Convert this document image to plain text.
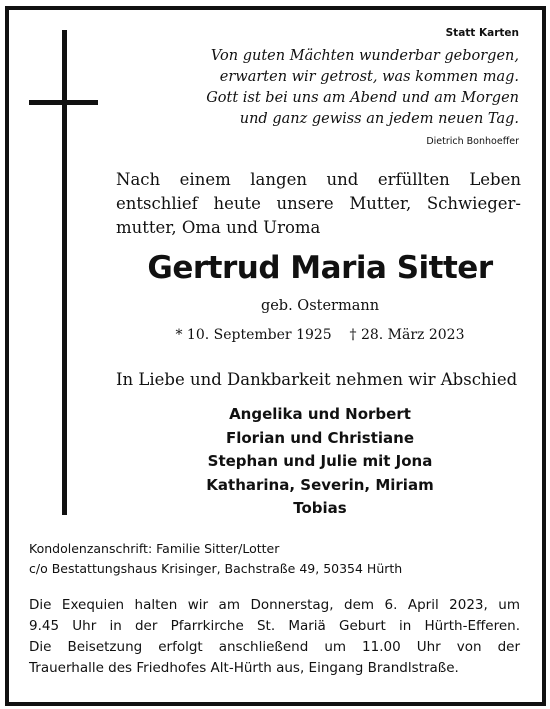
Statt Karten
Von guten Mächten wunderbar geborgen,
erwarten wir getrost, was kommen mag.
Gott ist bei uns am Abend und am Morgen
und ganz gewiss an jedem neuen Tag.
Dietrich Bonhoeffer
Nach einem langen und erfüllten Leben
entschlief heute unsere Mutter, Schwieger-
mutter, Oma und Uroma
Gertrud Maria Sitter
geb. Ostermann
* 10. September 1925    † 28. März 2023
In Liebe und Dankbarkeit nehmen wir Abschied
Angelika und Norbert
Florian und Christiane
Stephan und Julie mit Jona
Katharina, Severin, Miriam
Tobias
Kondolenzanschrift: Familie Sitter/Lotter
c/o Bestattungshaus Krisinger, Bachstraße 49, 50354 Hürth
Die Exequien halten wir am Donnerstag, dem 6. April 2023, um
9.45 Uhr in der Pfarrkirche St. Mariä Geburt in Hürth-Efferen.
Die Beisetzung erfolgt anschließend um 11.00 Uhr von der
Trauerhalle des Friedhofes Alt-Hürth aus, Eingang Brandlstraße.
